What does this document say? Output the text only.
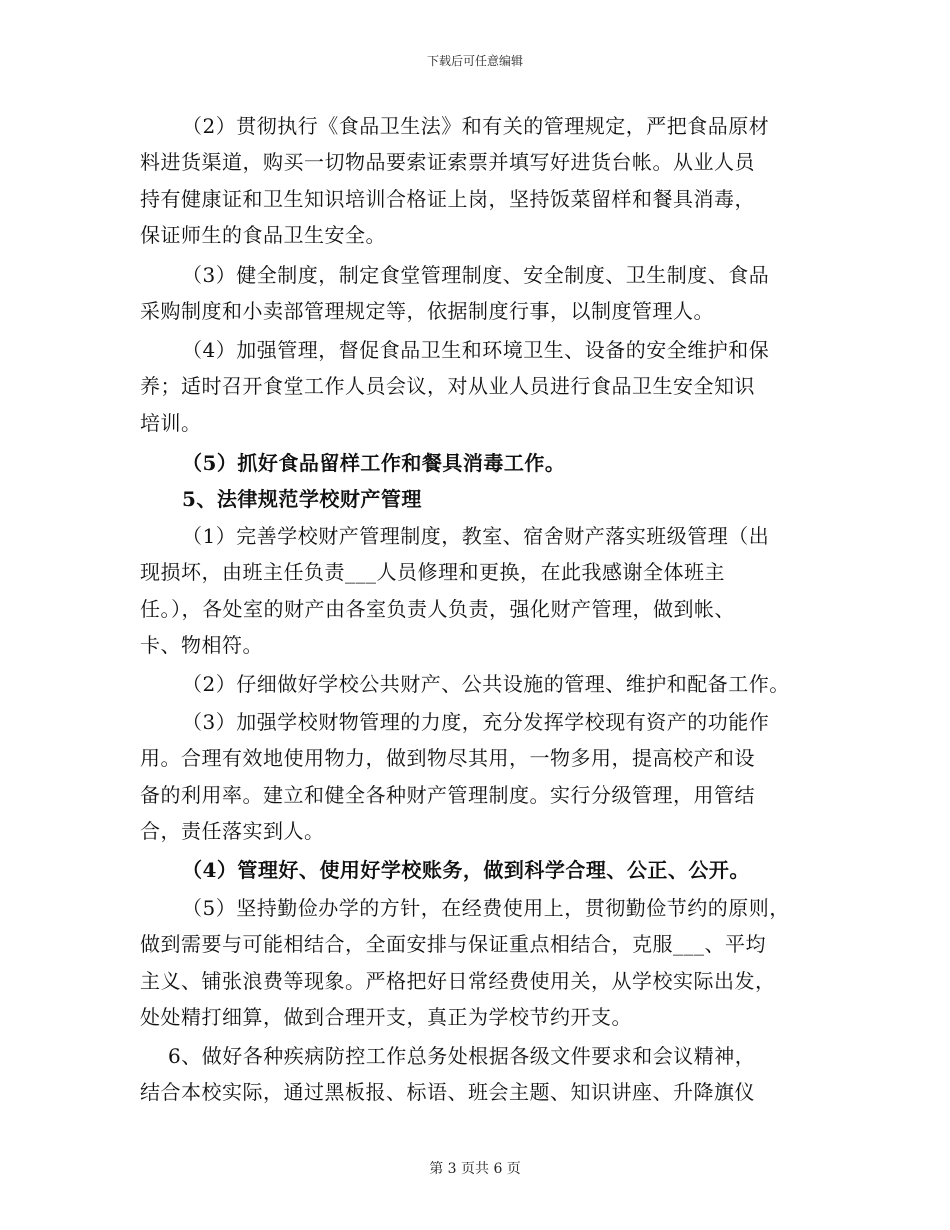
下载后可任意编辑
（2）贯彻执行《食品卫生法》和有关的管理规定，严把食品原材
料进货渠道，购买一切物品要索证索票并填写好进货台帐。从业人员
持有健康证和卫生知识培训合格证上岗，坚持饭菜留样和餐具消毒，
保证师生的食品卫生安全。
（3）健全制度，制定食堂管理制度、安全制度、卫生制度、食品
采购制度和小卖部管理规定等，依据制度行事，以制度管理人。
（4）加强管理，督促食品卫生和环境卫生、设备的安全维护和保
养；适时召开食堂工作人员会议，对从业人员进行食品卫生安全知识
培训。
（5）抓好食品留样工作和餐具消毒工作。
5、法律规范学校财产管理
（1）完善学校财产管理制度，教室、宿舍财产落实班级管理（出
现损坏，由班主任负责___人员修理和更换，在此我感谢全体班主
任。），各处室的财产由各室负责人负责，强化财产管理，做到帐、
卡、物相符。
（2）仔细做好学校公共财产、公共设施的管理、维护和配备工作。
（3）加强学校财物管理的力度，充分发挥学校现有资产的功能作
用。合理有效地使用物力，做到物尽其用，一物多用，提高校产和设
备的利用率。建立和健全各种财产管理制度。实行分级管理，用管结
合，责任落实到人。
（4）管理好、使用好学校账务，做到科学合理、公正、公开。
（5）坚持勤俭办学的方针，在经费使用上，贯彻勤俭节约的原则，
做到需要与可能相结合，全面安排与保证重点相结合，克服___、平均
主义、铺张浪费等现象。严格把好日常经费使用关，从学校实际出发，
处处精打细算，做到合理开支，真正为学校节约开支。
6、做好各种疾病防控工作总务处根据各级文件要求和会议精神，
结合本校实际，通过黑板报、标语、班会主题、知识讲座、升降旗仪
第 3 页共 6 页
